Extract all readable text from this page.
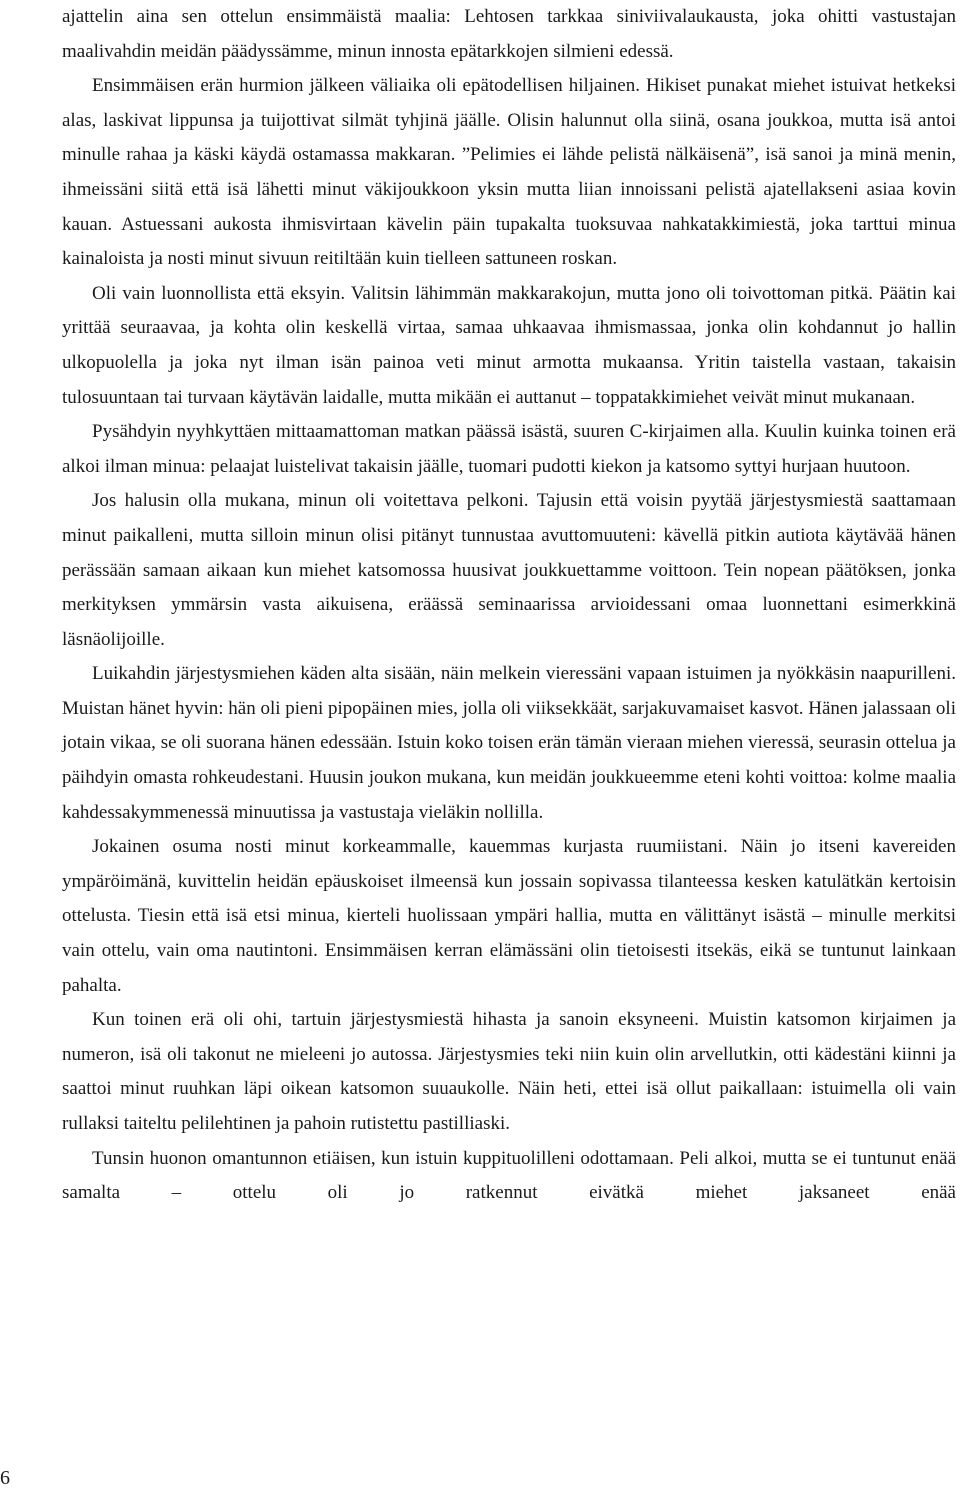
ajattelin aina sen ottelun ensimmäistä maalia: Lehtosen tarkkaa siniviivalaukausta, joka ohitti vastustajan maalivahdin meidän päädyssämme, minun innosta epätarkkojen silmieni edessä.

Ensimmäisen erän hurmion jälkeen väliaika oli epätodellisen hiljainen. Hikiset punakat miehet istuivat hetkeksi alas, laskivat lippunsa ja tuijottivat silmät tyhjinä jäälle. Olisin halunnut olla siinä, osana joukkoa, mutta isä antoi minulle rahaa ja käski käydä ostamassa makkaran. ”Pelimies ei lähde pelistä nälkäisenä”, isä sanoi ja minä menin, ihmeissäni siitä että isä lähetti minut väkijoukkoon yksin mutta liian innoissani pelistä ajatellakseni asiaa kovin kauan. Astuessani aukosta ihmisvirtaan kävelin päin tupakalta tuoksuvaa nahkatakkimiestä, joka tarttui minua kainaloista ja nosti minut sivuun reitiltään kuin tielleen sattuneen roskan.

Oli vain luonnollista että eksyin. Valitsin lähimmän makkarakojun, mutta jono oli toivottoman pitkä. Päätin kai yrittää seuraavaa, ja kohta olin keskellä virtaa, samaa uhkaavaa ihmismassaa, jonka olin kohdannut jo hallin ulkopuolella ja joka nyt ilman isän painoa veti minut armotta mukaansa. Yritin taistella vastaan, takaisin tulosuuntaan tai turvaan käytävän laidalle, mutta mikään ei auttanut – toppatakkimiehet veivät minut mukanaan.

Pysähdyin nyyhkyttäen mittaamattoman matkan päässä isästä, suuren C-kirjaimen alla. Kuulin kuinka toinen erä alkoi ilman minua: pelaajat luistelivat takaisin jäälle, tuomari pudotti kiekon ja katsomo syttyi hurjaan huutoon.

Jos halusin olla mukana, minun oli voitettava pelkoni. Tajusin että voisin pyytää järjestysmiestä saattamaan minut paikalleni, mutta silloin minun olisi pitänyt tunnustaa avuttomuuteni: kävellä pitkin autiota käytävää hänen perässään samaan aikaan kun miehet katsomossa huusivat joukkuettamme voittoon. Tein nopean päätöksen, jonka merkityksen ymmärsin vasta aikuisena, eräässä seminaarissa arvioidessani omaa luonnettani esimerkkinä läsnäolijoille.

Luikahdin järjestysmiehen käden alta sisään, näin melkein vieressäni vapaan istuimen ja nyökkäsin naapurilleni. Muistan hänet hyvin: hän oli pieni pipopäinen mies, jolla oli viiksekkäät, sarjakuvamaiset kasvot. Hänen jalassaan oli jotain vikaa, se oli suorana hänen edessään. Istuin koko toisen erän tämän vieraan miehen vieressä, seurasin ottelua ja päihdyin omasta rohkeudestani. Huusin joukon mukana, kun meidän joukkueemme eteni kohti voittoa: kolme maalia kahdessakymmenessä minuutissa ja vastustaja vieläkin nollilla.

Jokainen osuma nosti minut korkeammalle, kauemmas kurjasta ruumiistani. Näin jo itseni kavereiden ympäröimänä, kuvittelin heidän epäuskoiset ilmeensä kun jossain sopivassa tilanteessa kesken katulätkän kertoisin ottelusta. Tiesin että isä etsi minua, kierteli huolissaan ympäri hallia, mutta en välittänyt isästä – minulle merkitsi vain ottelu, vain oma nautintoni. Ensimmäisen kerran elämässäni olin tietoisesti itsekäs, eikä se tuntunut lainkaan pahalta.

Kun toinen erä oli ohi, tartuin järjestysmiestä hihasta ja sanoin eksyneeni. Muistin katsomon kirjaimen ja numeron, isä oli takonut ne mieleeni jo autossa. Järjestysmies teki niin kuin olin arvellutkin, otti kädestäni kiinni ja saattoi minut ruuhkan läpi oikean katsomon suuaukolle. Näin heti, ettei isä ollut paikallaan: istuimella oli vain rullaksi taiteltu pelilehtinen ja pahoin rutistettu pastilliaski.

Tunsin huonon omantunnon etiäisen, kun istuin kuppituolilleni odottamaan. Peli alkoi, mutta se ei tuntunut enää samalta – ottelu oli jo ratkennut eivätkä miehet jaksaneet enää

6
